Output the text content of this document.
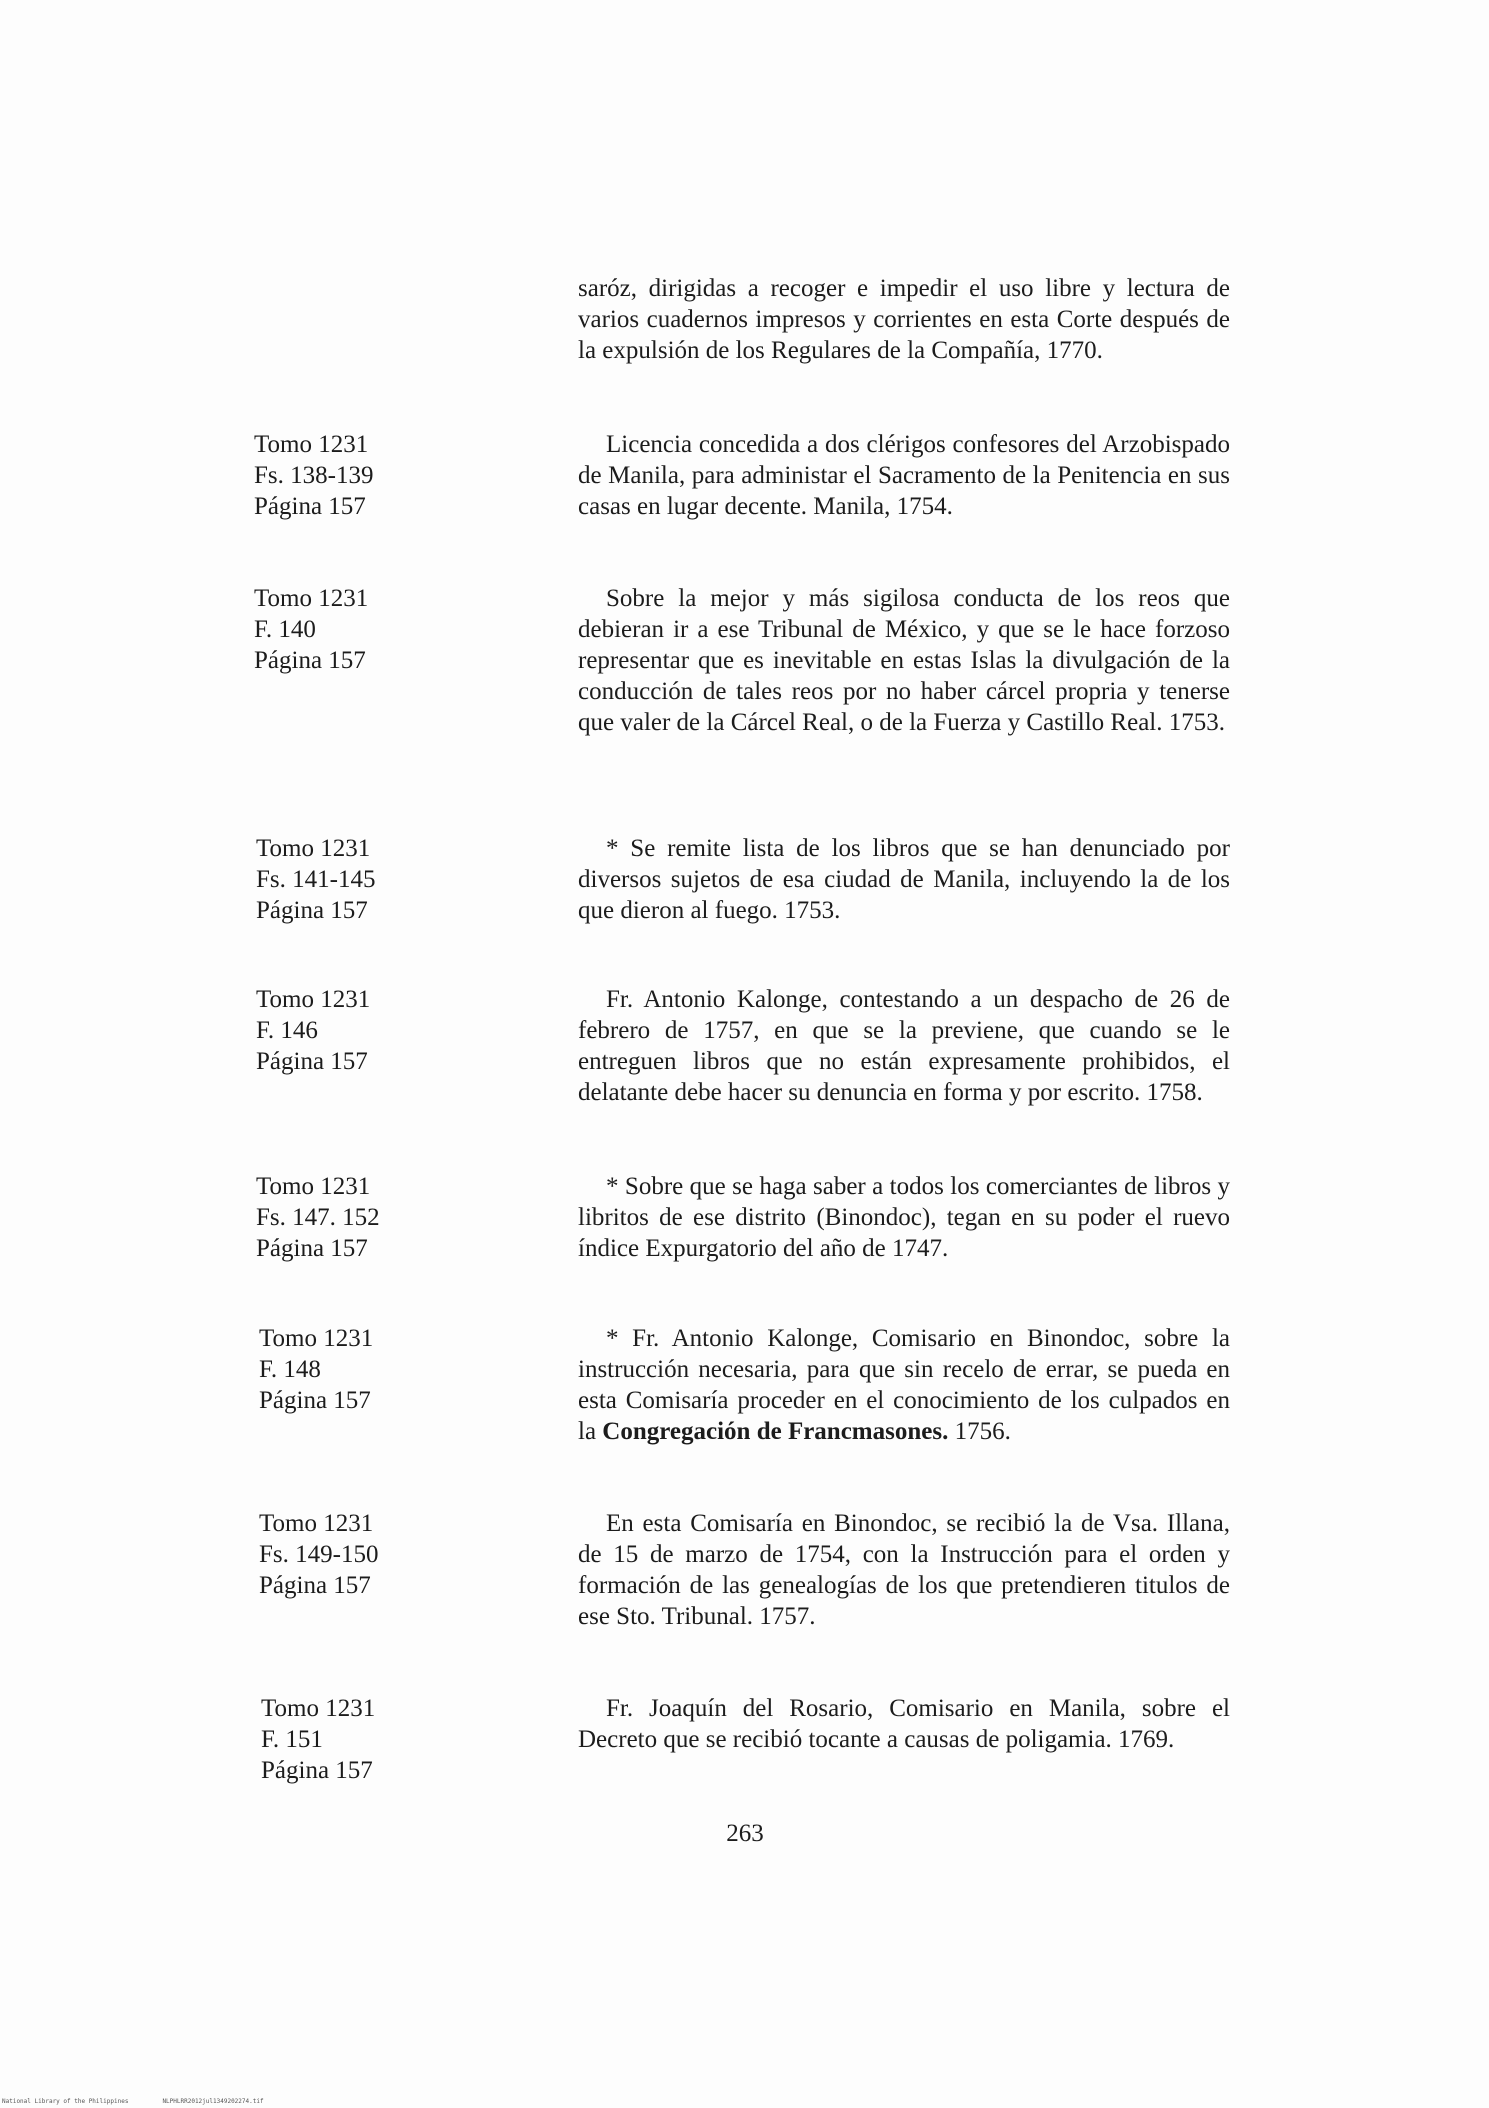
saróz, dirigidas a recoger e impedir el uso libre y lectura de varios cuadernos impresos y corrientes en esta Corte después de la expulsión de los Regulares de la Compañía, 1770.
Tomo 1231
Fs. 138-139
Página 157
Licencia concedida a dos clérigos confesores del Arzobispado de Manila, para administar el Sacramento de la Penitencia en sus casas en lugar decente. Manila, 1754.
Tomo 1231
F. 140
Página 157
Sobre la mejor y más sigilosa conducta de los reos que debieran ir a ese Tribunal de México, y que se le hace forzoso representar que es inevitable en estas Islas la divulgación de la conducción de tales reos por no haber cárcel propria y tenerse que valer de la Cárcel Real, o de la Fuerza y Castillo Real. 1753.
Tomo 1231
Fs. 141-145
Página 157
* Se remite lista de los libros que se han denunciado por diversos sujetos de esa ciudad de Manila, incluyendo la de los que dieron al fuego. 1753.
Tomo 1231
F. 146
Página 157
Fr. Antonio Kalonge, contestando a un despacho de 26 de febrero de 1757, en que se la previene, que cuando se le entreguen libros que no están expresamente prohibidos, el delatante debe hacer su denuncia en forma y por escrito. 1758.
Tomo 1231
Fs. 147. 152
Página 157
* Sobre que se haga saber a todos los comerciantes de libros y libritos de ese distrito (Binondoc), tegan en su poder el ruevo índice Expurgatorio del año de 1747.
Tomo 1231
F. 148
Página 157
* Fr. Antonio Kalonge, Comisario en Binondoc, sobre la instrucción necesaria, para que sin recelo de errar, se pueda en esta Comisaría proceder en el conocimiento de los culpados en la Congregación de Francmasones. 1756.
Tomo 1231
Fs. 149-150
Página 157
En esta Comisaría en Binondoc, se recibió la de Vsa. Illana, de 15 de marzo de 1754, con la Instrucción para el orden y formación de las genealogías de los que pretendieren titulos de ese Sto. Tribunal. 1757.
Tomo 1231
F. 151
Página 157
Fr. Joaquín del Rosario, Comisario en Manila, sobre el Decreto que se recibió tocante a causas de poligamia. 1769.
263
National Library of the Philippines	NLPHLRR2012jul1349202274.tif
